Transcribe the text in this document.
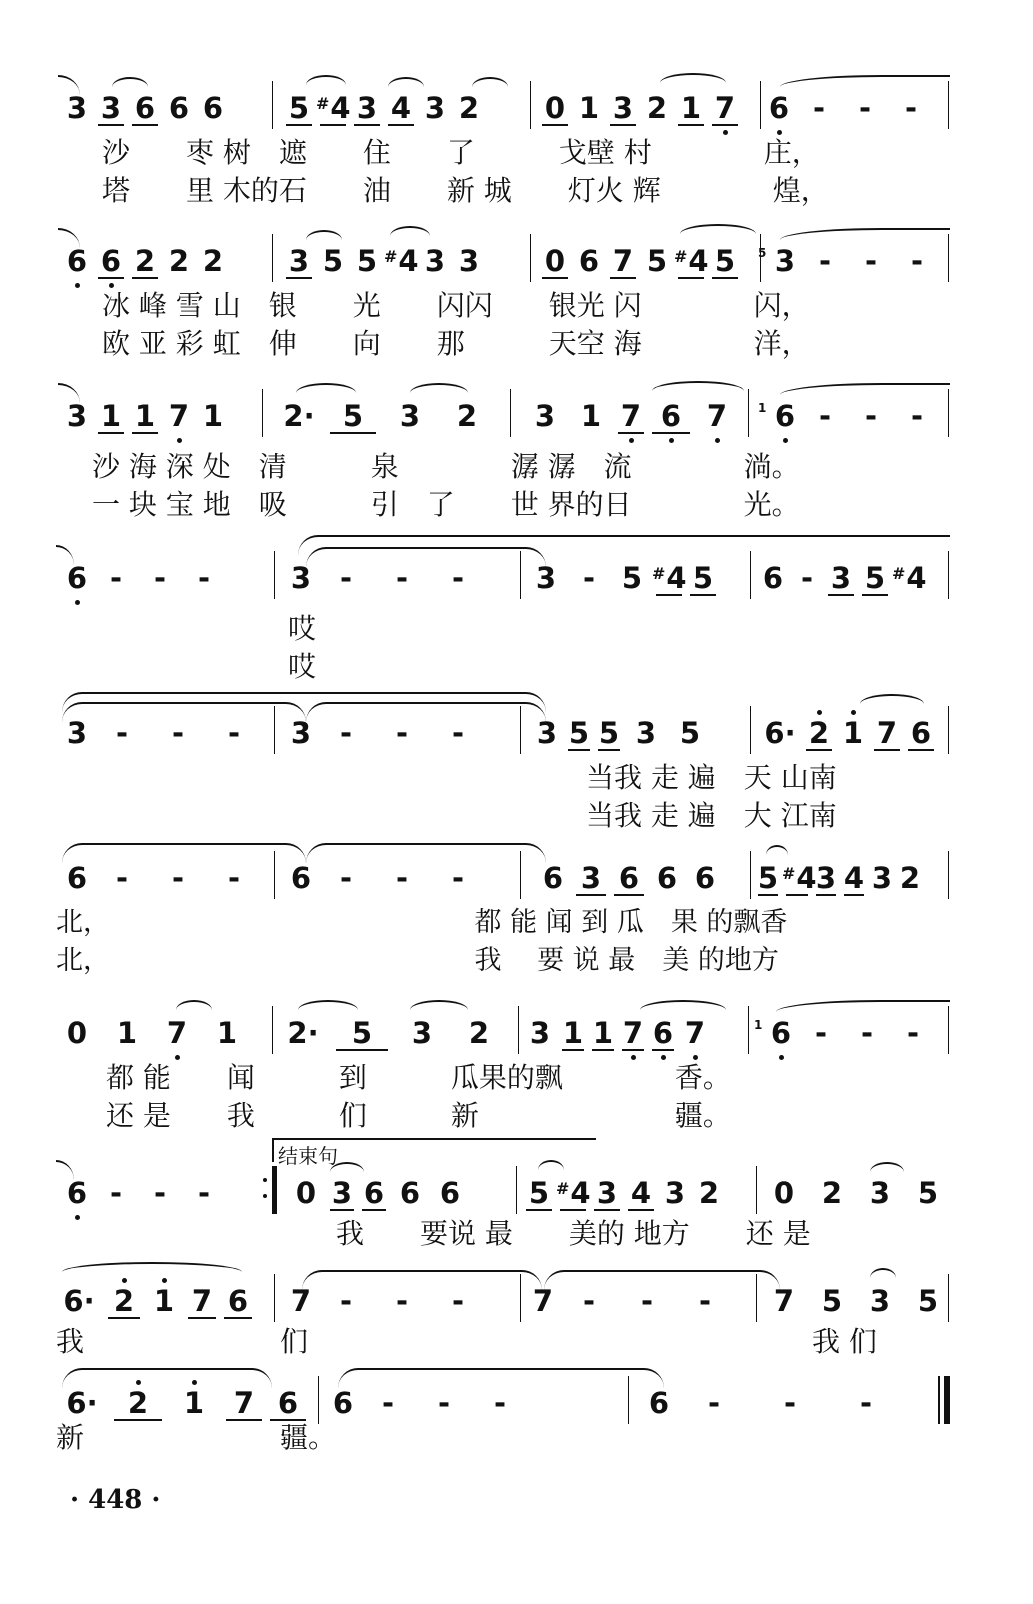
3 3 6 6 6 5 #4 3 4 3 2 0 1 3 2 1 7 6 -	-	-
沙　　枣 树　遮　　住　　了　　　戈壁 村　　　　庄，
塔　　里 木的石　　油　　新 城　　灯火 辉　　　　煌，
6 6 2 2 2 3 5 5 #4 3 3 0 6 7 5 #4 5	5 3 -	-	-
冰 峰 雪 山　银　　光　　闪闪　　银光 闪　　　　闪，
欧 亚 彩 虹　伸　　向　　那　　　天空 海　　　　洋，
3 1 1 7 1	2· 5	3	2	3 1 7 6 7	1 6 -	-	-
沙 海 深 处　清　　　泉　　　　潺 潺　流　　　　淌。
一 块 宝 地　吸　　　引　了　　世 界的日　　　　光。
6 -	-	-	3 -	-	-	3 - 5 #4 5 6 - 3 5 #4
哎
哎
3 -	-	-	3 -	-	-	3 5 5 3 5	6· 2 1 7 6
当我 走 遍　天 山南
当我 走 遍　大 江南
6 -	-	-	6 -	-	-	6 3 6 6 6	5 #4 3 4 3 2
北，　　　　　　　　　　　　　　都 能 闻 到 瓜　果 的飘香
北，　　　　　　　　　　　　　　我　 要 说 最　美 的地方
0	1	7	1	2·	5	3	2	3 1 1 7 6 7	1 6 -	-	-
都 能　　闻　　　到　　　瓜果的飘　　　　香。
还 是　　我　　　们　　　新　　　　　　　疆。
结束句
6 -	-	-	0 3 6 6 6	5 #4 3 4 3 2	0 2 3 5
我　　要说 最　　美的 地方　　还 是
6· 2 1 7 6 7 -	-	-	7	-	-	-	7 5 3 5
我　　　　　　　们　　　　　　　　　　　　　　　　　　我 们
6·	2	1	7 6	6 -	-	-	6	-	-	-
新　　　　　　　疆。
· 448 ·
